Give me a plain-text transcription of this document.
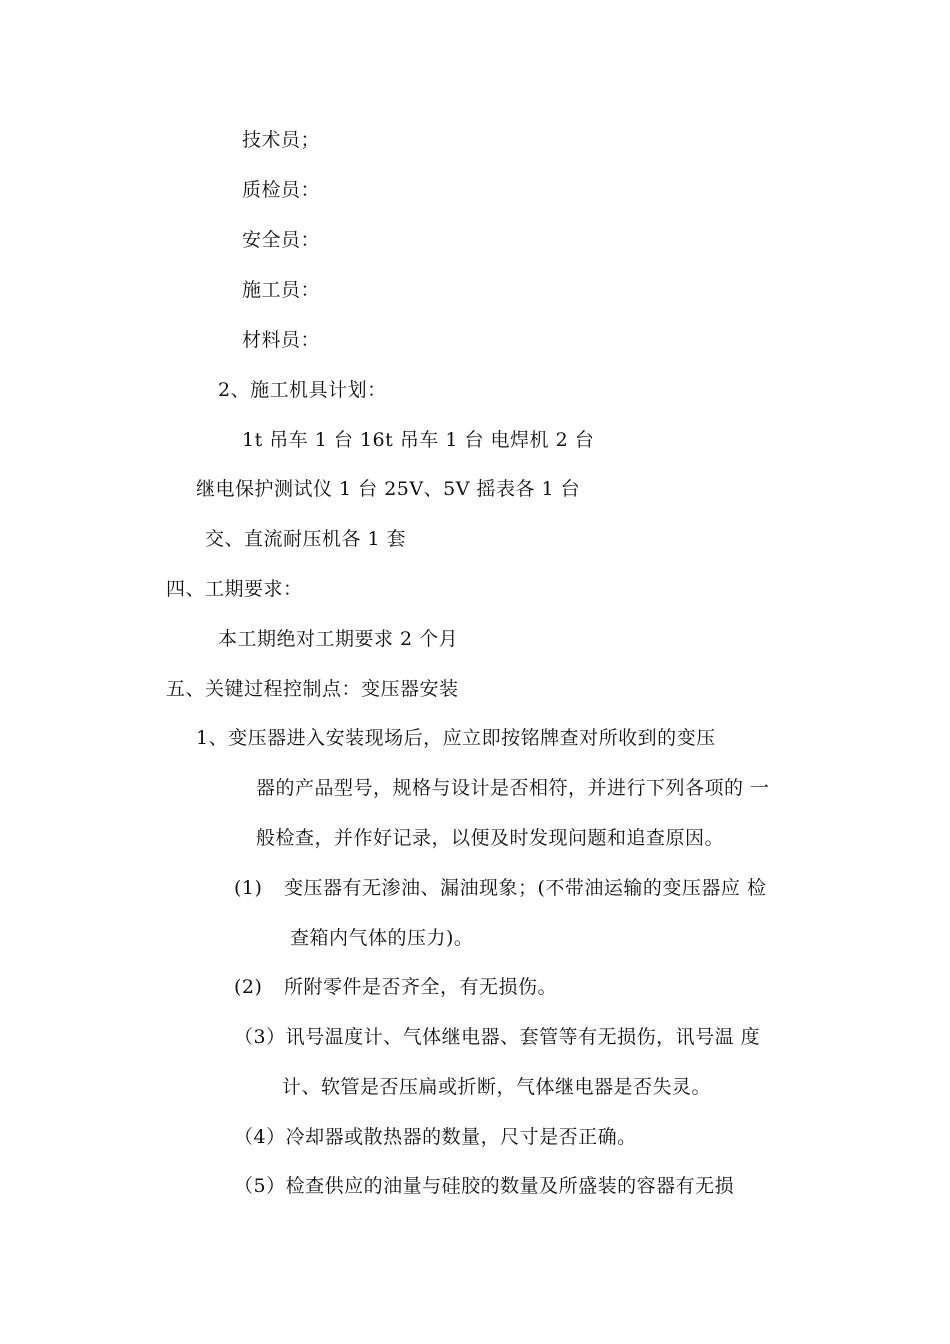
技术员；
质检员：
安全员：
施工员：
材料员：
2、施工机具计划：
1t 吊车 1 台 16t 吊车 1 台 电焊机 2 台
继电保护测试仪 1 台 25V、5V 摇表各 1 台
交、直流耐压机各 1 套
四、工期要求：
本工期绝对工期要求 2 个月
五、关键过程控制点：变压器安装
1、变压器进入安装现场后，应立即按铭牌查对所收到的变压
器的产品型号，规格与设计是否相符，并进行下列各项的 一
般检查，并作好记录，以便及时发现问题和追查原因。
(1) 变压器有无渗油、漏油现象；(不带油运输的变压器应 检
查箱内气体的压力)。
(2) 所附零件是否齐全，有无损伤。
（3）讯号温度计、气体继电器、套管等有无损伤，讯号温 度
计、软管是否压扁或折断，气体继电器是否失灵。
（4）冷却器或散热器的数量，尺寸是否正确。
（5）检查供应的油量与硅胶的数量及所盛装的容器有无损
